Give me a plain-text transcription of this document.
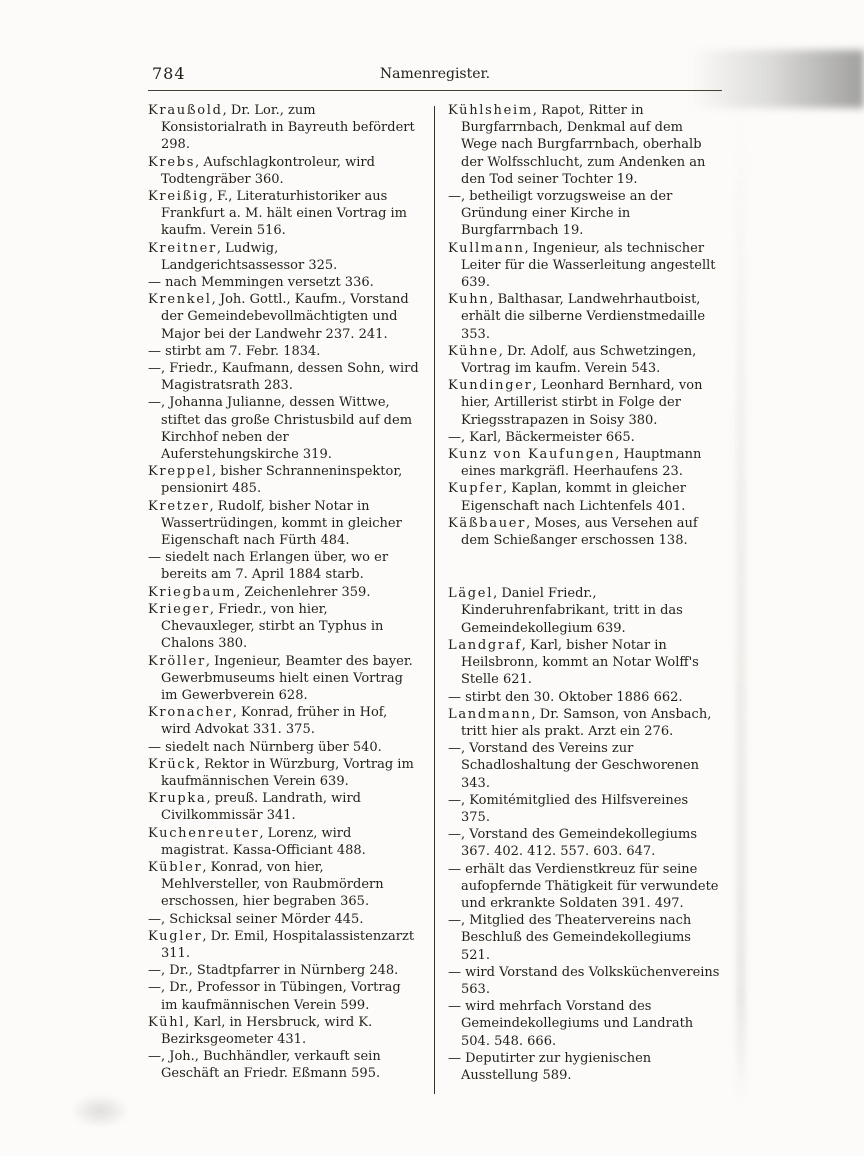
784	Namenregister.

Kraußold, Dr. Lor., zum Konsistorialrath in Bayreuth befördert 298.

Krebs, Aufschlagkontroleur, wird Todtengräber 360.

Kreißig, F., Literaturhistoriker aus Frankfurt a. M. hält einen Vortrag im kaufm. Verein 516.

Kreitner, Ludwig, Landgerichtsassessor 325.

— nach Memmingen versetzt 336.

Krenkel, Joh. Gottl., Kaufm., Vorstand der Gemeindebevollmächtigten und Major bei der Landwehr 237. 241.

— stirbt am 7. Febr. 1834.

—, Friedr., Kaufmann, dessen Sohn, wird Magistratsrath 283.

—, Johanna Julianne, dessen Wittwe, stiftet das große Christusbild auf dem Kirchhof neben der Auferstehungskirche 319.

Kreppel, bisher Schranneninspektor, pensionirt 485.

Kretzer, Rudolf, bisher Notar in Wassertrüdingen, kommt in gleicher Eigenschaft nach Fürth 484.

— siedelt nach Erlangen über, wo er bereits am 7. April 1884 starb.

Kriegbaum, Zeichenlehrer 359.

Krieger, Friedr., von hier, Chevauxleger, stirbt an Typhus in Chalons 380.

Kröller, Ingenieur, Beamter des bayer. Gewerbmuseums hielt einen Vortrag im Gewerbverein 628.

Kronacher, Konrad, früher in Hof, wird Advokat 331. 375.

— siedelt nach Nürnberg über 540.

Krück, Rektor in Würzburg, Vortrag im kaufmännischen Verein 639.

Krupka, preuß. Landrath, wird Civilkommissär 341.

Kuchenreuter, Lorenz, wird magistrat. Kassa-Officiant 488.

Kübler, Konrad, von hier, Mehlversteller, von Raubmördern erschossen, hier begraben 365.

—, Schicksal seiner Mörder 445.

Kugler, Dr. Emil, Hospitalassistenzarzt 311.

—, Dr., Stadtpfarrer in Nürnberg 248.

—, Dr., Professor in Tübingen, Vortrag im kaufmännischen Verein 599.

Kühl, Karl, in Hersbruck, wird K. Bezirksgeometer 431.

—, Joh., Buchhändler, verkauft sein Geschäft an Friedr. Eßmann 595.

Kühlsheim, Rapot, Ritter in Burgfarrnbach, Denkmal auf dem Wege nach Burgfarrnbach, oberhalb der Wolfsschlucht, zum Andenken an den Tod seiner Tochter 19.

—, betheiligt vorzugsweise an der Gründung einer Kirche in Burgfarrnbach 19.

Kullmann, Ingenieur, als technischer Leiter für die Wasserleitung angestellt 639.

Kuhn, Balthasar, Landwehrhautboist, erhält die silberne Verdienstmedaille 353.

Kühne, Dr. Adolf, aus Schwetzingen, Vortrag im kaufm. Verein 543.

Kundinger, Leonhard Bernhard, von hier, Artillerist stirbt in Folge der Kriegsstrapazen in Soisy 380.

—, Karl, Bäckermeister 665.

Kunz von Kaufungen, Hauptmann eines markgräfl. Heerhaufens 23.

Kupfer, Kaplan, kommt in gleicher Eigenschaft nach Lichtenfels 401.

Käßbauer, Moses, aus Versehen auf dem Schießanger erschossen 138.

Lägel, Daniel Friedr., Kinderuhrenfabrikant, tritt in das Gemeindekollegium 639.

Landgraf, Karl, bisher Notar in Heilsbronn, kommt an Notar Wolff's Stelle 621.

— stirbt den 30. Oktober 1886 662.

Landmann, Dr. Samson, von Ansbach, tritt hier als prakt. Arzt ein 276.

—, Vorstand des Vereins zur Schadloshaltung der Geschworenen 343.

—, Komitémitglied des Hilfsvereines 375.

—, Vorstand des Gemeindekollegiums 367. 402. 412. 557. 603. 647.

— erhält das Verdienstkreuz für seine aufopfernde Thätigkeit für verwundete und erkrankte Soldaten 391. 497.

—, Mitglied des Theatervereins nach Beschluß des Gemeindekollegiums 521.

— wird Vorstand des Volksküchenvereins 563.

— wird mehrfach Vorstand des Gemeindekollegiums und Landrath 504. 548. 666.

— Deputirter zur hygienischen Ausstellung 589.
